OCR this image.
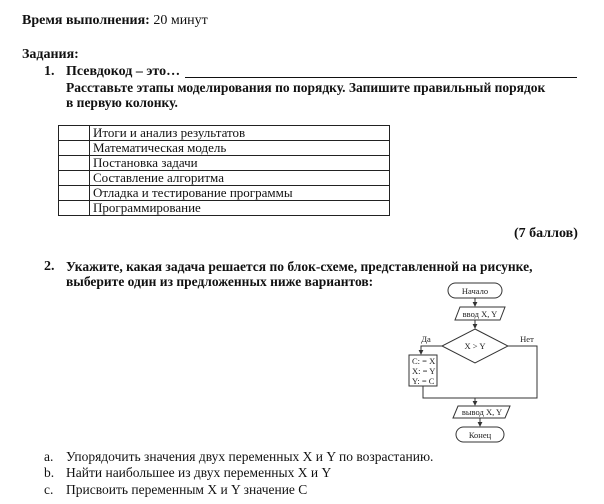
Время выполнения: 20 минут
Задания:
1. Псевдокод – это…
Расставьте этапы моделирования по порядку. Запишите правильный порядок
в первую колонку.
	Итоги и анализ результатов
	Математическая модель
	Постановка задачи
	Составление алгоритма
	Отладка и тестирование программы
	Программирование
(7 баллов)
2. Укажите, какая задача решается по блок-схеме, представленной на рисунке,
выберите один из предложенных ниже вариантов:
Начало
ввод X, Y
X > Y
Да	Нет
C: = X
X: = Y
Y: = C
вывод X, Y
Конец
a. Упорядочить значения двух переменных X и Y по возрастанию.
b. Найти наибольшее из двух переменных X и Y
c. Присвоить переменным X и Y значение C
